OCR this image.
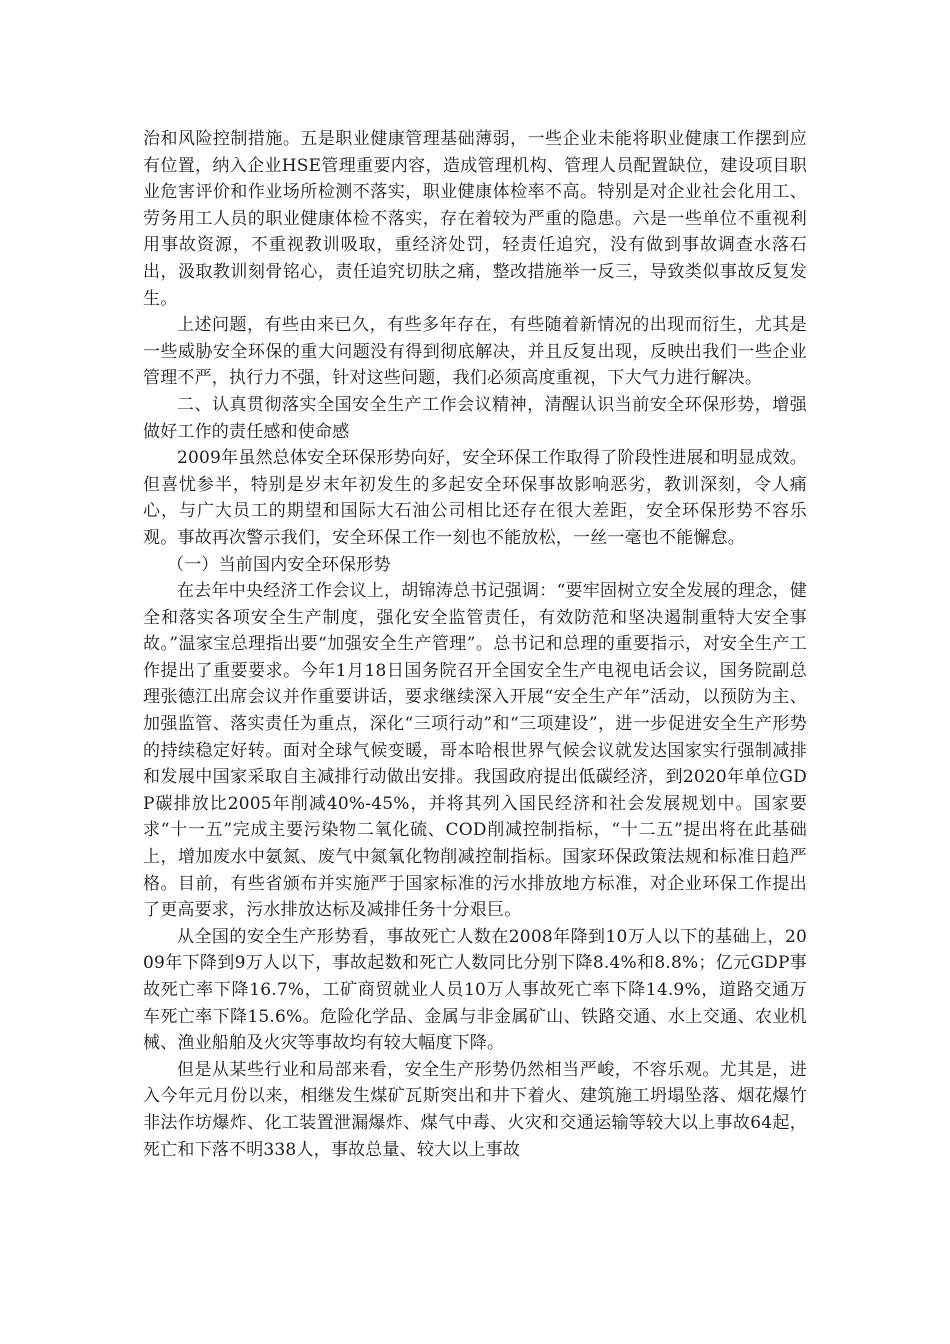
治和风险控制措施。五是职业健康管理基础薄弱，一些企业未能将职业健康工作摆到应有位置，纳入企业HSE管理重要内容，造成管理机构、管理人员配置缺位，建设项目职业危害评价和作业场所检测不落实，职业健康体检率不高。特别是对企业社会化用工、劳务用工人员的职业健康体检不落实，存在着较为严重的隐患。六是一些单位不重视利用事故资源，不重视教训吸取，重经济处罚，轻责任追究，没有做到事故调查水落石出，汲取教训刻骨铭心，责任追究切肤之痛，整改措施举一反三，导致类似事故反复发生。

上述问题，有些由来已久，有些多年存在，有些随着新情况的出现而衍生，尤其是一些威胁安全环保的重大问题没有得到彻底解决，并且反复出现，反映出我们一些企业管理不严，执行力不强，针对这些问题，我们必须高度重视，下大气力进行解决。

二、认真贯彻落实全国安全生产工作会议精神，清醒认识当前安全环保形势，增强做好工作的责任感和使命感

2009年虽然总体安全环保形势向好，安全环保工作取得了阶段性进展和明显成效。但喜忧参半，特别是岁末年初发生的多起安全环保事故影响恶劣，教训深刻，令人痛心，与广大员工的期望和国际大石油公司相比还存在很大差距，安全环保形势不容乐观。事故再次警示我们，安全环保工作一刻也不能放松，一丝一毫也不能懈怠。

（一）当前国内安全环保形势

在去年中央经济工作会议上，胡锦涛总书记强调：“要牢固树立安全发展的理念，健全和落实各项安全生产制度，强化安全监管责任，有效防范和坚决遏制重特大安全事故。”温家宝总理指出要“加强安全生产管理”。总书记和总理的重要指示，对安全生产工作提出了重要要求。今年1月18日国务院召开全国安全生产电视电话会议，国务院副总理张德江出席会议并作重要讲话，要求继续深入开展“安全生产年”活动，以预防为主、加强监管、落实责任为重点，深化“三项行动”和“三项建设”，进一步促进安全生产形势的持续稳定好转。面对全球气候变暖，哥本哈根世界气候会议就发达国家实行强制减排和发展中国家采取自主减排行动做出安排。我国政府提出低碳经济，到2020年单位GDP碳排放比2005年削减40%-45%，并将其列入国民经济和社会发展规划中。国家要求“十一五”完成主要污染物二氧化硫、COD削减控制指标，“十二五”提出将在此基础上，增加废水中氨氮、废气中氮氧化物削减控制指标。国家环保政策法规和标准日趋严格。目前，有些省颁布并实施严于国家标准的污水排放地方标准，对企业环保工作提出了更高要求，污水排放达标及减排任务十分艰巨。

从全国的安全生产形势看，事故死亡人数在2008年降到10万人以下的基础上，2009年下降到9万人以下，事故起数和死亡人数同比分别下降8.4%和8.8%；亿元GDP事故死亡率下降16.7%，工矿商贸就业人员10万人事故死亡率下降14.9%，道路交通万车死亡率下降15.6%。危险化学品、金属与非金属矿山、铁路交通、水上交通、农业机械、渔业船舶及火灾等事故均有较大幅度下降。

但是从某些行业和局部来看，安全生产形势仍然相当严峻，不容乐观。尤其是，进入今年元月份以来，相继发生煤矿瓦斯突出和井下着火、建筑施工坍塌坠落、烟花爆竹非法作坊爆炸、化工装置泄漏爆炸、煤气中毒、火灾和交通运输等较大以上事故64起，死亡和下落不明338人，事故总量、较大以上事故
